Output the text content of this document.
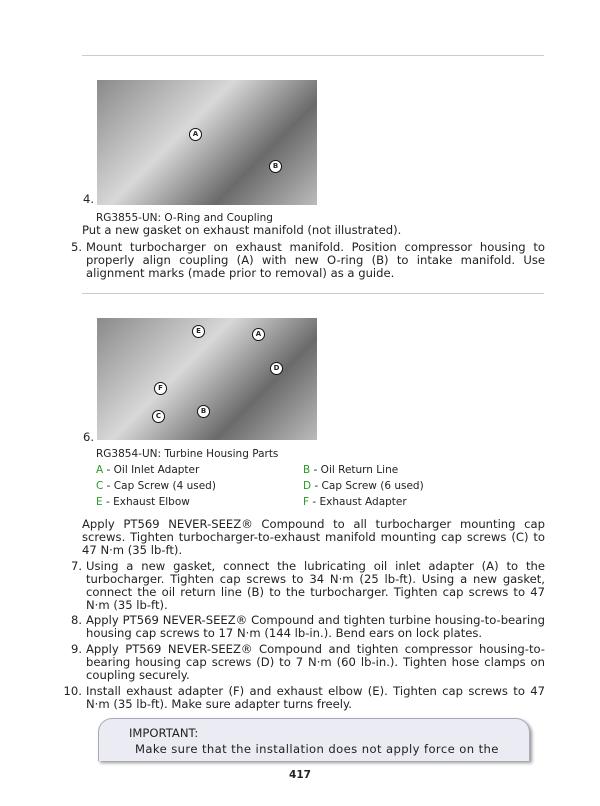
A
B
4.
RG3855-UN: O-Ring and Coupling
Put a new gasket on exhaust manifold (not illustrated).
5. Mount turbocharger on exhaust manifold. Position compressor housing to properly align coupling (A) with new O-ring (B) to intake manifold. Use alignment marks (made prior to removal) as a guide.
E	A
D
F
B
C
6.
RG3854-UN: Turbine Housing Parts
A - Oil Inlet Adapter	B - Oil Return Line
C - Cap Screw (4 used)	D - Cap Screw (6 used)
E - Exhaust Elbow	F - Exhaust Adapter
Apply PT569 NEVER-SEEZ® Compound to all turbocharger mounting cap screws. Tighten turbocharger-to-exhaust manifold mounting cap screws (C) to 47 N·m (35 lb-ft).
7. Using a new gasket, connect the lubricating oil inlet adapter (A) to the turbocharger. Tighten cap screws to 34 N·m (25 lb-ft). Using a new gasket, connect the oil return line (B) to the turbocharger. Tighten cap screws to 47 N·m (35 lb-ft).
8. Apply PT569 NEVER-SEEZ® Compound and tighten turbine housing-to-bearing housing cap screws to 17 N·m (144 lb-in.). Bend ears on lock plates.
9. Apply PT569 NEVER-SEEZ® Compound and tighten compressor housing-to-bearing housing cap screws (D) to 7 N·m (60 lb-in.). Tighten hose clamps on coupling securely.
10. Install exhaust adapter (F) and exhaust elbow (E). Tighten cap screws to 47 N·m (35 lb-ft). Make sure adapter turns freely.
IMPORTANT:
Make sure that the installation does not apply force on the
417
